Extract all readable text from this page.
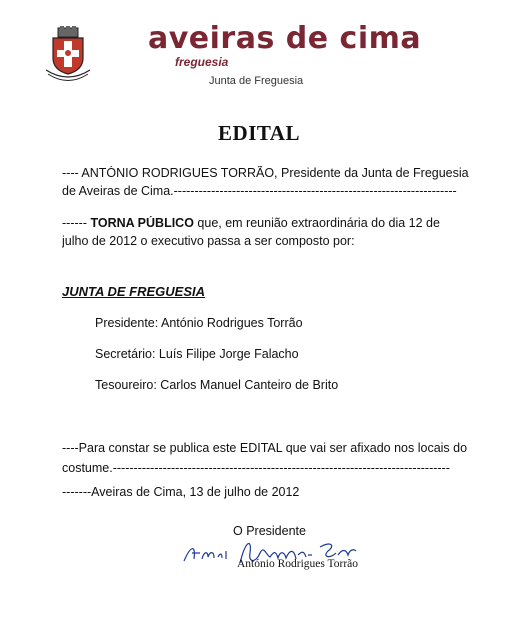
aveiras de cima
freguesia
Junta de Freguesia
EDITAL
---- ANTÓNIO RODRIGUES TORRÃO, Presidente da Junta de Freguesia
de Aveiras de Cima.--------------------------------------------------------------------
------ TORNA PÚBLICO que, em reunião extraordinária do dia 12 de
julho de 2012 o executivo passa a ser composto por:
JUNTA DE FREGUESIA
Presidente: António Rodrigues Torrão
Secretário: Luís Filipe Jorge Falacho
Tesoureiro: Carlos Manuel Canteiro de Brito
----Para constar se publica este EDITAL que vai ser afixado nos locais do
costume.---------------------------------------------------------------------------------
-------Aveiras de Cima, 13 de julho de 2012
O Presidente
António Rodrigues Torrão
